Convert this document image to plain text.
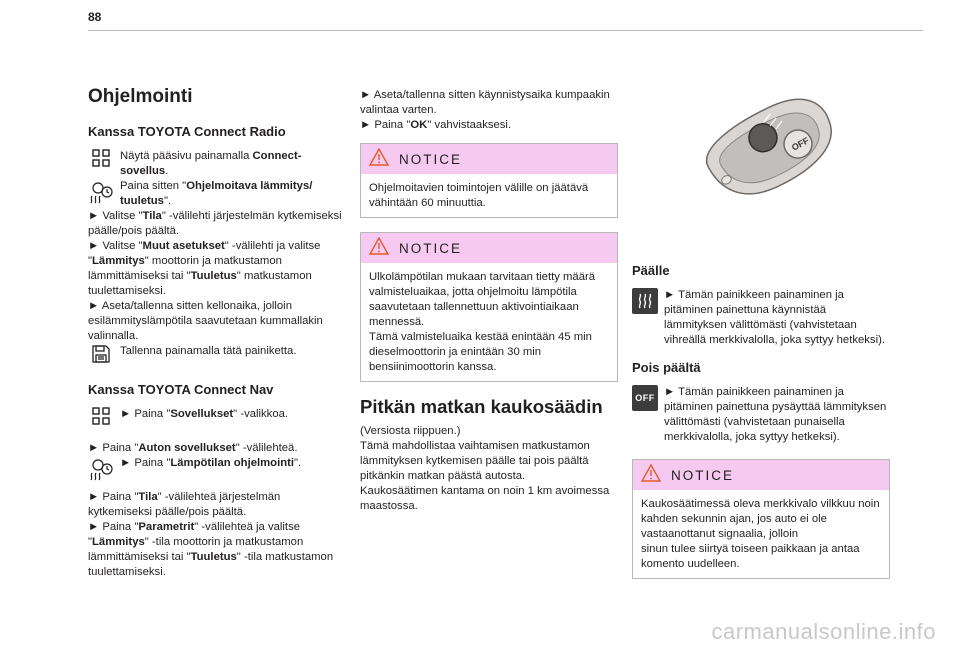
88
Ohjelmointi
Kanssa TOYOTA Connect Radio

Näytä pääsivu painamalla Connect-sovellus.

Paina sitten "Ohjelmoitava lämmitys/ tuuletus".

► Valitse "Tila" -välilehti järjestelmän kytkemiseksi päälle/pois päältä.

► Valitse "Muut asetukset" -välilehti ja valitse "Lämmitys" moottorin ja matkustamon lämmittämiseksi tai "Tuuletus" matkustamon tuulettamiseksi.

► Aseta/tallenna sitten kellonaika, jolloin esilämmityslämpötila saavutetaan kummallakin valinnalla.

Tallenna painamalla tätä painiketta.

Kanssa TOYOTA Connect Nav

► Paina "Sovellukset" -valikkoa.

► Paina "Auton sovellukset" -välilehteä.

► Paina "Lämpötilan ohjelmointi".

► Paina "Tila" -välilehteä järjestelmän kytkemiseksi päälle/pois päältä.

► Paina "Parametrit" -välilehteä ja valitse "Lämmitys" -tila moottorin ja matkustamon lämmittämiseksi tai "Tuuletus" -tila matkustamon tuulettamiseksi.

► Aseta/tallenna sitten käynnistysaika kumpaakin valintaa varten.

► Paina "OK" vahvistaaksesi.

NOTICE

Ohjelmoitavien toimintojen välille on jäätävä vähintään 60 minuuttia.

NOTICE

Ulkolämpötilan mukaan tarvitaan tietty määrä valmisteluaikaa, jotta ohjelmoitu lämpötila saavutetaan tallennettuun aktivointiaikaan mennessä.

Tämä valmisteluaika kestää enintään 45 min dieselmoottorin ja enintään 30 min bensiinimoottorin kanssa.

Pitkän matkan kaukosäädin

(Versiosta riippuen.)

Tämä mahdollistaa vaihtamisen matkustamon lämmityksen kytkemisen päälle tai pois päältä pitkänkin matkan päästä autosta.

Kaukosäätimen kantama on noin 1 km avoimessa maastossa.

OFF
Päälle

► Tämän painikkeen painaminen ja pitäminen painettuna käynnistää lämmityksen välittömästi (vahvistetaan vihreällä merkkivalolla, joka syttyy hetkeksi).

Pois päältä
OFF ► Tämän painikkeen painaminen ja pitäminen painettuna pysäyttää lämmityksen välittömästi (vahvistetaan punaisella merkkivalolla, joka syttyy hetkeksi).

NOTICE

Kaukosäätimessä oleva merkkivalo vilkkuu noin kahden sekunnin ajan, jos auto ei ole vastaanottanut signaalia, jolloin

sinun tulee siirtyä toiseen paikkaan ja antaa komento uudelleen.

carmanualsonline.info
